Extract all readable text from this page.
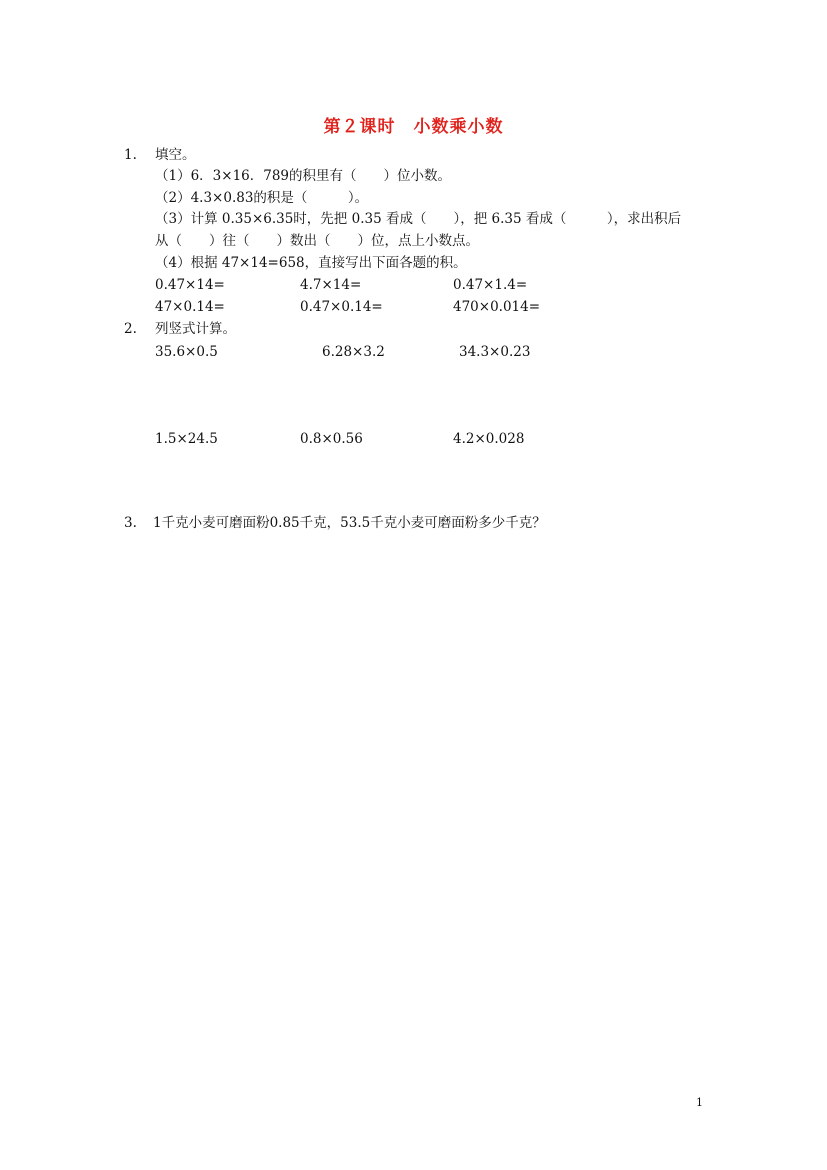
第２课时　小数乘小数
1. 填空。
（1）6．3×16．789的积里有（　　）位小数。
（2）4.3×0.83的积是（　　　）。
（3）计算 0.35×6.35时，先把 0.35 看成（　　），把 6.35 看成（　　　），求出积后
从（　　）往（　　）数出（　　）位，点上小数点。
（4）根据 47×14=658，直接写出下面各题的积。
0.47×14=	4.7×14=	0.47×1.4=
47×0.14=	0.47×0.14=	470×0.014=
2. 列竖式计算。
35.6×0.5	6.28×3.2	34.3×0.23
1.5×24.5	0.8×0.56	4.2×0.028
3. 1千克小麦可磨面粉0.85千克，53.5千克小麦可磨面粉多少千克？
1
